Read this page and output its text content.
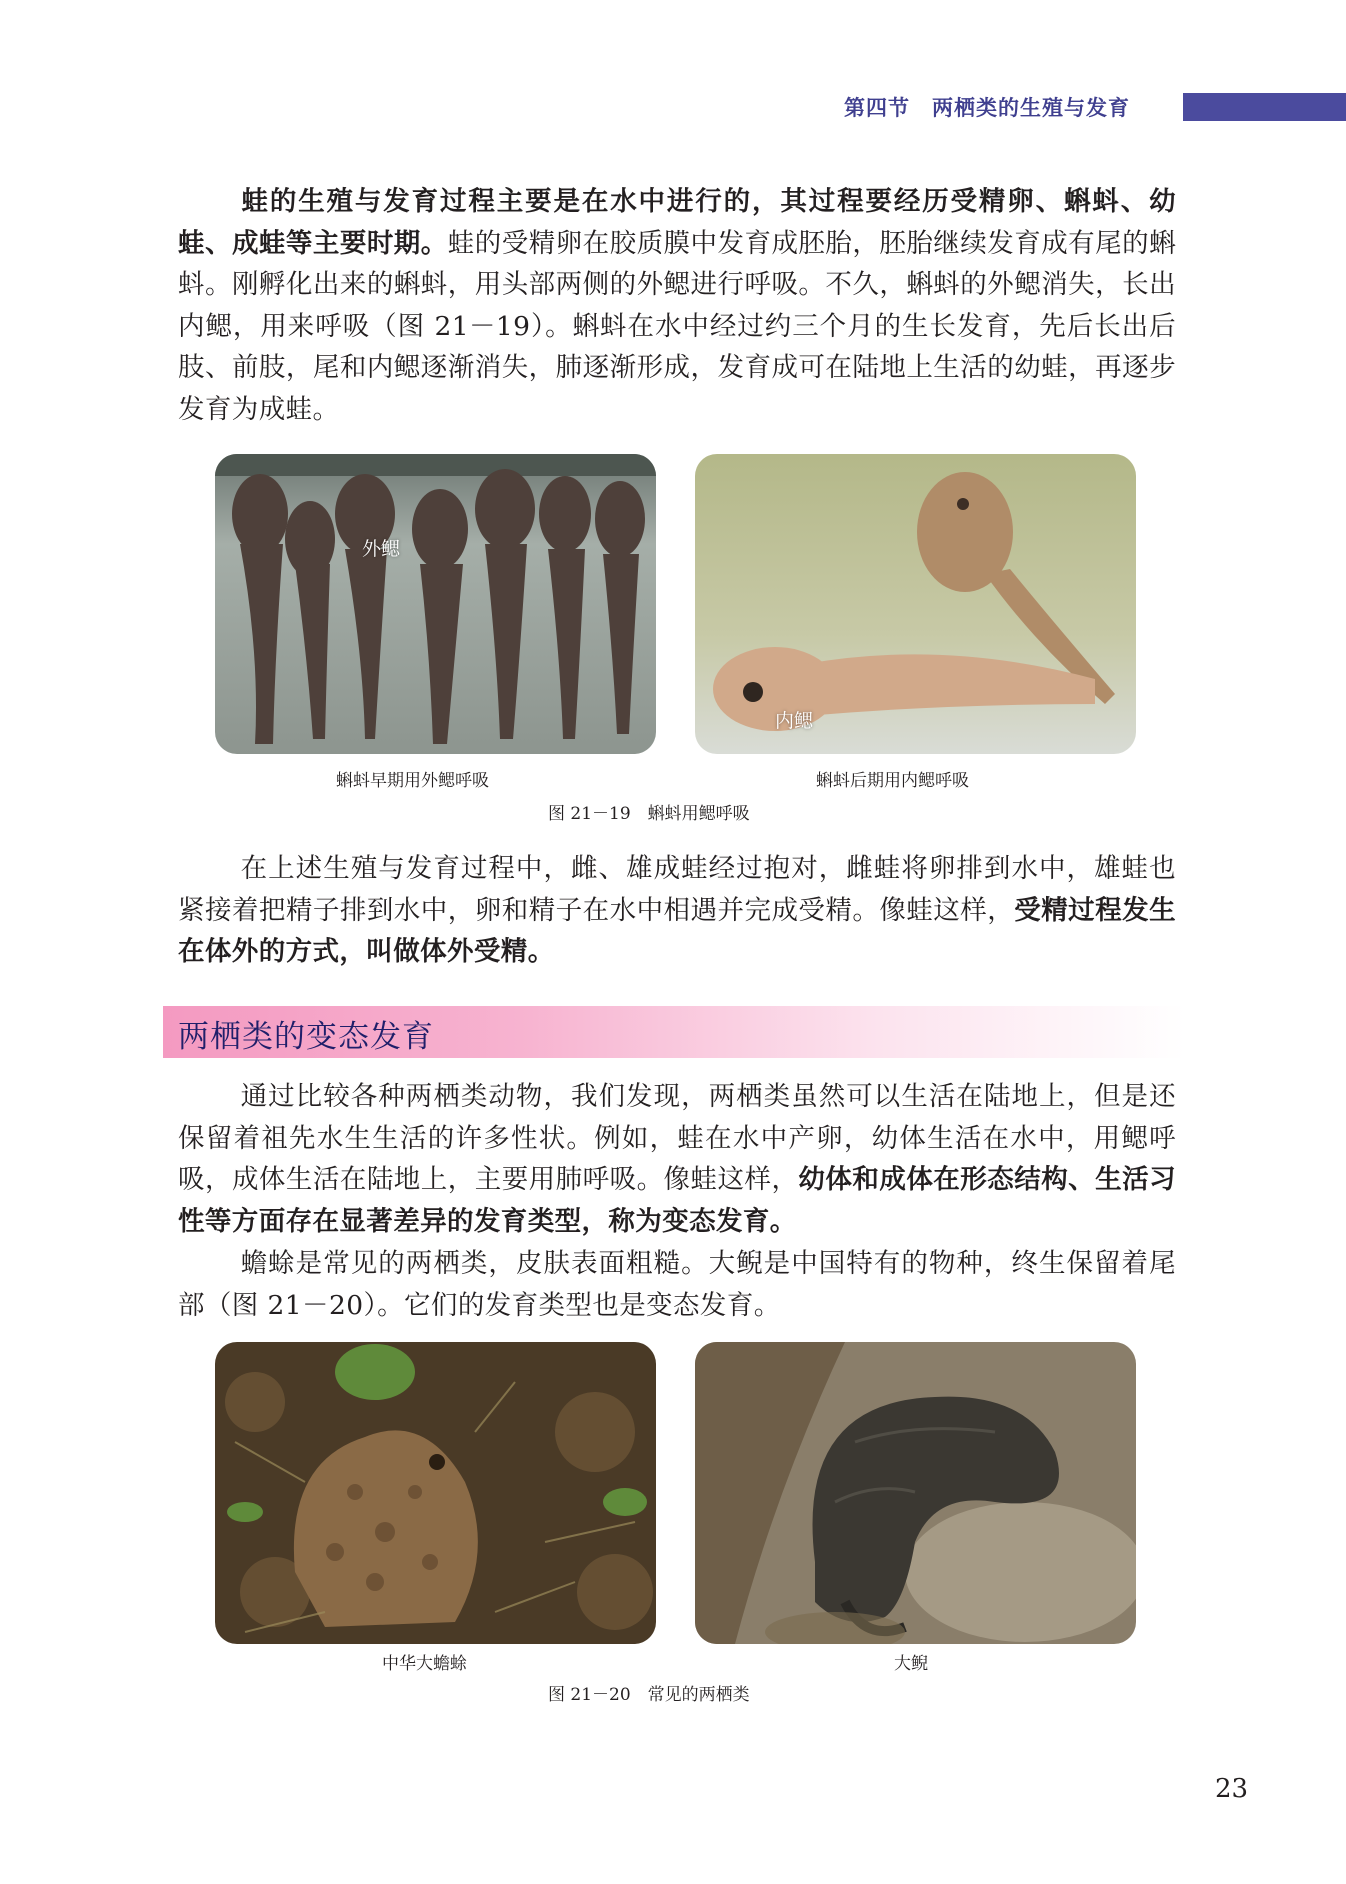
第四节　两栖类的生殖与发育

蛙的生殖与发育过程主要是在水中进行的，其过程要经历受精卵、蝌蚪、幼蛙、成蛙等主要时期。蛙的受精卵在胶质膜中发育成胚胎，胚胎继续发育成有尾的蝌蚪。刚孵化出来的蝌蚪，用头部两侧的外鳃进行呼吸。不久，蝌蚪的外鳃消失，长出内鳃，用来呼吸（图 21－19）。蝌蚪在水中经过约三个月的生长发育，先后长出后肢、前肢，尾和内鳃逐渐消失，肺逐渐形成，发育成可在陆地上生活的幼蛙，再逐步发育为成蛙。

外鳃
内鳃
蝌蚪早期用外鳃呼吸	蝌蚪后期用内鳃呼吸
图 21－19　蝌蚪用鳃呼吸

在上述生殖与发育过程中，雌、雄成蛙经过抱对，雌蛙将卵排到水中，雄蛙也紧接着把精子排到水中，卵和精子在水中相遇并完成受精。像蛙这样，受精过程发生在体外的方式，叫做体外受精。

两栖类的变态发育

通过比较各种两栖类动物，我们发现，两栖类虽然可以生活在陆地上，但是还保留着祖先水生生活的许多性状。例如，蛙在水中产卵，幼体生活在水中，用鳃呼吸，成体生活在陆地上，主要用肺呼吸。像蛙这样，幼体和成体在形态结构、生活习性等方面存在显著差异的发育类型，称为变态发育。

蟾蜍是常见的两栖类，皮肤表面粗糙。大鲵是中国特有的物种，终生保留着尾部（图 21－20）。它们的发育类型也是变态发育。

中华大蟾蜍	大鲵
图 21－20　常见的两栖类
23
